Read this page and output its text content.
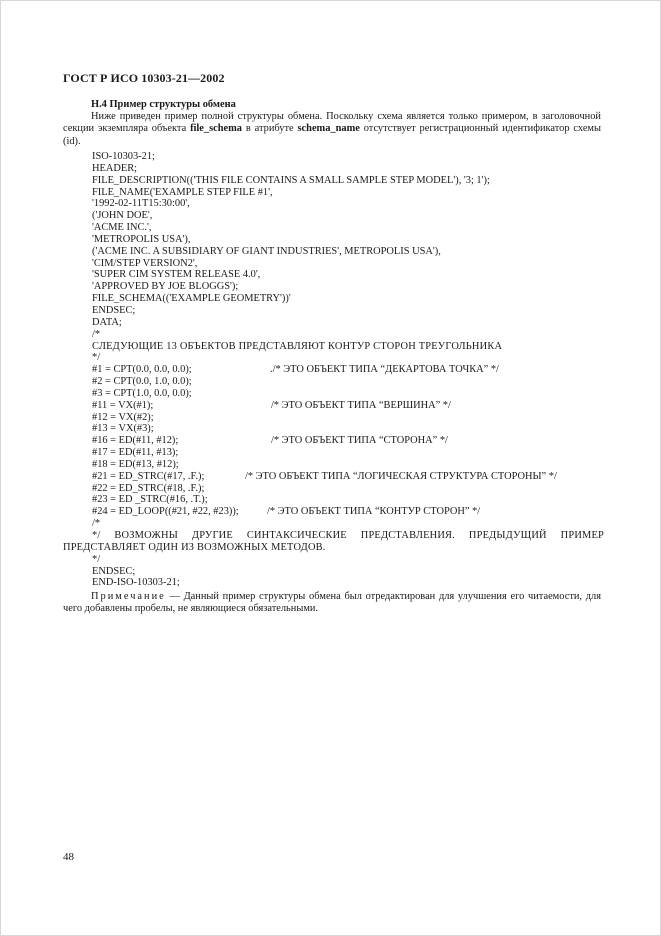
ГОСТ Р ИСО 10303-21—2002
Н.4 Пример структуры обмена

Ниже приведен пример полной структуры обмена. Поскольку схема является только примером, в заголовочной секции экземпляра объекта file_schema в атрибуте schema_name отсутствует регистрационный идентификатор схемы (id).

ISO-10303-21;
HEADER;
FILE_DESCRIPTION(('THIS FILE CONTAINS A SMALL SAMPLE STEP MODEL'), '3; 1');
FILE_NAME('EXAMPLE STEP FILE #1',
'1992-02-11T15:30:00',
('JOHN DOE',
'ACME INC.',
'METROPOLIS USA'),
('ACME INC. A SUBSIDIARY OF GIANT INDUSTRIES', METROPOLIS USA'),
'CIM/STEP VERSION2',
'SUPER CIM SYSTEM RELEASE 4.0',
'APPROVED BY JOE BLOGGS');
FILE_SCHEMA(('EXAMPLE GEOMETRY'))'
ENDSEC;
DATA;
/*
СЛЕДУЮЩИЕ 13 ОБЪЕКТОВ ПРЕДСТАВЛЯЮТ КОНТУР СТОРОН ТРЕУГОЛЬНИКА
*/
#1 = CPT(0.0, 0.0, 0.0);	./* ЭТО ОБЪЕКТ ТИПА “ДЕКАРТОВА ТОЧКА” */
#2 = CPT(0.0, 1.0, 0.0);
#3 = CPT(1.0, 0.0, 0.0);
#11 = VX(#1);	/* ЭТО ОБЪЕКТ ТИПА “ВЕРШИНА” */
#12 = VX(#2);
#13 = VX(#3);
#16 = ED(#11, #12);	/* ЭТО ОБЪЕКТ ТИПА “СТОРОНА” */
#17 = ED(#11, #13);
#18 = ED(#13, #12);
#21 = ED_STRC(#17, .F.);	/* ЭТО ОБЪЕКТ ТИПА “ЛОГИЧЕСКАЯ СТРУКТУРА СТОРОНЫ” */
#22 = ED_STRC(#18, .F.);
#23 = ED _STRC(#16, .T.);
#24 = ED_LOOP((#21, #22, #23));	/* ЭТО ОБЪЕКТ ТИПА “КОНТУР СТОРОН” */
/*
*/ ВОЗМОЖНЫ ДРУГИЕ СИНТАКСИЧЕСКИЕ ПРЕДСТАВЛЕНИЯ. ПРЕДЫДУЩИЙ ПРИМЕР
ПРЕДСТАВЛЯЕТ ОДИН ИЗ ВОЗМОЖНЫХ МЕТОДОВ.
*/
ENDSEC;
END-ISO-10303-21;
Примечание — Данный пример структуры обмена был отредактирован для улучшения его читаемости, для чего добавлены пробелы, не являющиеся обязательными.
48
